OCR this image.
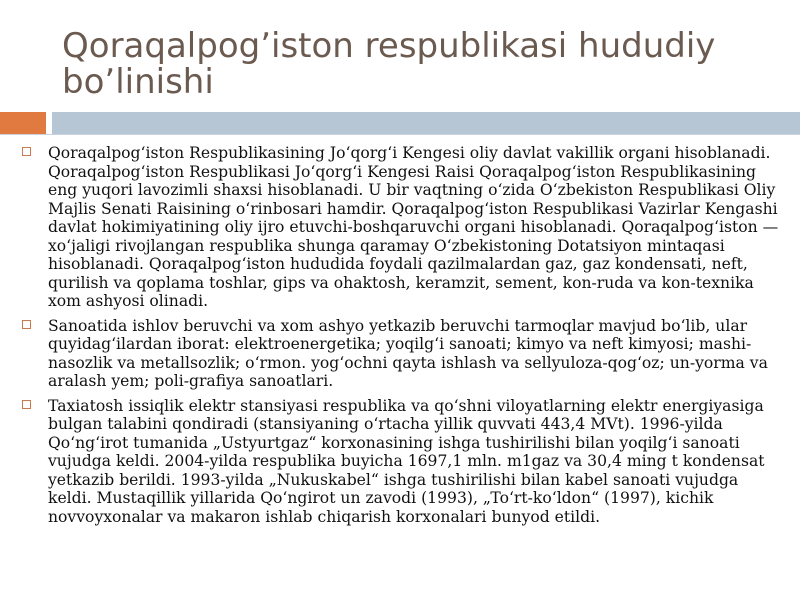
Qoraqalpog’iston respublikasi hududiy bo’linishi
Qoraqalpog‘iston Respublikasining Jo‘qorg‘i Kengesi oliy davlat vakillik organi hisoblanadi. Qoraqalpog‘iston Respublikasi Jo‘qorg‘i Kengesi Raisi Qoraqalpog‘iston Respublikasining eng yuqori lavozimli shaxsi hisoblanadi. U bir vaqtning o‘zida O‘zbekiston Respublikasi Oliy Majlis Senati Raisining o‘rinbosari hamdir. Qoraqalpog‘iston Respublikasi Vazirlar Kengashi davlat hokimiyatining oliy ijro etuvchi-boshqaruvchi organi hisoblanadi. Qoraqalpog‘iston — xo‘jaligi rivojlangan respublika shunga qaramay O‘zbekistoning Dotatsiyon mintaqasi hisoblanadi. Qoraqalpog‘iston hududida foydali qazilmalardan gaz, gaz kondensati, neft, qurilish va qoplama toshlar, gips va ohaktosh, keramzit, sement, kon-ruda va kon-texnika xom ashyosi olinadi.
Sanoatida ishlov beruvchi va xom ashyo yetkazib beruvchi tarmoqlar mavjud bo‘lib, ular quyidag‘ilardan iborat: elektroenergetika; yoqilg‘i sanoati; kimyo va neft kimyosi; mashi-nasozlik va metallsozlik; o‘rmon. yog‘ochni qayta ishlash va sellyuloza-qog‘oz; un-yorma va aralash yem; poli-grafiya sanoatlari.
Taxiatosh issiqlik elektr stansiyasi respublika va qo‘shni viloyatlarning elektr energiyasiga bulgan talabini qondiradi (stansiyaning o‘rtacha yillik quvvati 443,4 MVt). 1996-yilda Qo‘ng‘irot tumanida „Ustyurtgaz“ korxonasining ishga tushirilishi bilan yoqilg‘i sanoati vujudga keldi. 2004-yilda respublika buyicha 1697,1 mln. m1gaz va 30,4 ming t kondensat yetkazib berildi. 1993-yilda „Nukuskabel“ ishga tushirilishi bilan kabel sanoati vujudga keldi. Mustaqillik yillarida Qo‘ngirot un zavodi (1993), „To‘rt-ko‘ldon“ (1997), kichik novvoyxonalar va makaron ishlab chiqarish korxonalari bunyod etildi.
